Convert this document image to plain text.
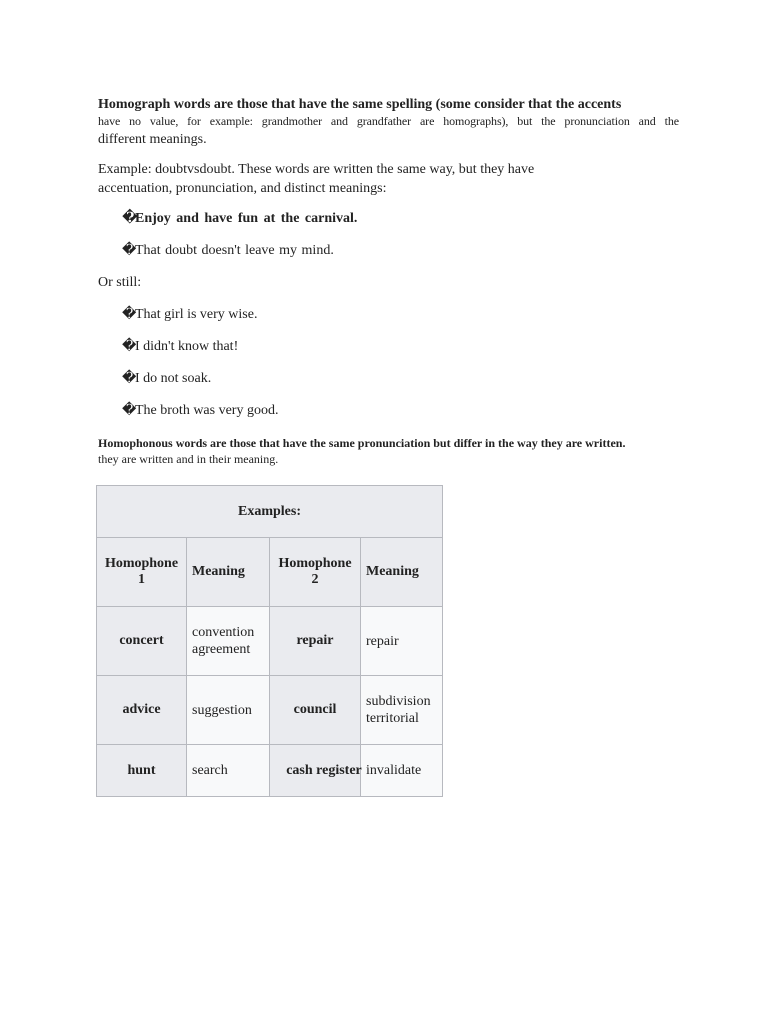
Homograph words are those that have the same spelling (some consider that the accents
have no value, for example: grandmother and grandfather are homographs), but the pronunciation and the
different meanings.
Example: doubtvsdoubt. These words are written the same way, but they have
accentuation, pronunciation, and distinct meanings:
�Enjoy and have fun at the carnival.
�That doubt doesn't leave my mind.
Or still:
�That girl is very wise.
�I didn't know that!
�I do not soak.
�The broth was very good.
Homophonous words are those that have the same pronunciation but differ in the way they are written.
they are written and in their meaning.
Examples:			
Homophone 1	Meaning	Homophone 2	Meaning
concert	convention agreement	repair	repair
advice	suggestion	council	subdivision territorial
hunt	search	cash register	invalidate
